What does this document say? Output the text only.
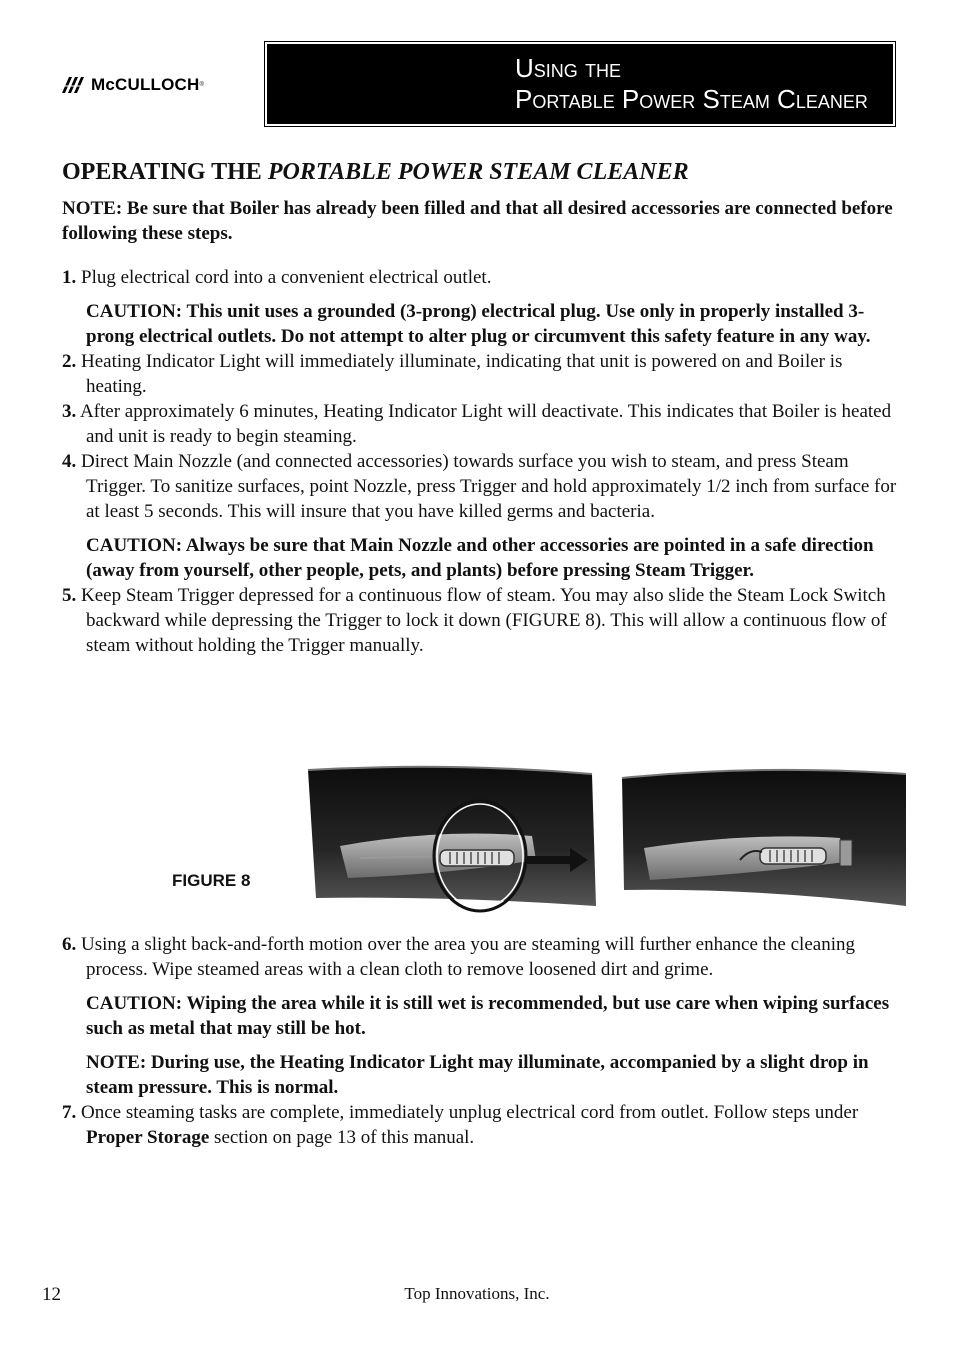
McCULLOCH ®
Using the
Portable Power Steam Cleaner
OPERATING THE PORTABLE POWER STEAM CLEANER
NOTE: Be sure that Boiler has already been filled and that all desired accessories are connected before following these steps.
1. Plug electrical cord into a convenient electrical outlet.
CAUTION: This unit uses a grounded (3-prong) electrical plug. Use only in properly installed 3-prong electrical outlets. Do not attempt to alter plug or circumvent this safety feature in any way.
2. Heating Indicator Light will immediately illuminate, indicating that unit is powered on and Boiler is heating.
3. After approximately 6 minutes, Heating Indicator Light will deactivate. This indicates that Boiler is heated and unit is ready to begin steaming.
4. Direct Main Nozzle (and connected accessories) towards surface you wish to steam, and press Steam Trigger. To sanitize surfaces, point Nozzle, press Trigger and hold approximately 1/2 inch from surface for at least 5 seconds. This will insure that you have killed germs and bacteria.
CAUTION: Always be sure that Main Nozzle and other accessories are pointed in a safe direction (away from yourself, other people, pets, and plants) before pressing Steam Trigger.
5. Keep Steam Trigger depressed for a continuous flow of steam. You may also slide the Steam Lock Switch backward while depressing the Trigger to lock it down (FIGURE 8). This will allow a continuous flow of steam without holding the Trigger manually.
FIGURE 8
6. Using a slight back-and-forth motion over the area you are steaming will further enhance the cleaning process. Wipe steamed areas with a clean cloth to remove loosened dirt and grime.
CAUTION: Wiping the area while it is still wet is recommended, but use care when wiping surfaces such as metal that may still be hot.
NOTE: During use, the Heating Indicator Light may illuminate, accompanied by a slight drop in steam pressure. This is normal.
7. Once steaming tasks are complete, immediately unplug electrical cord from outlet. Follow steps under Proper Storage section on page 13 of this manual.
Top Innovations, Inc.
12
